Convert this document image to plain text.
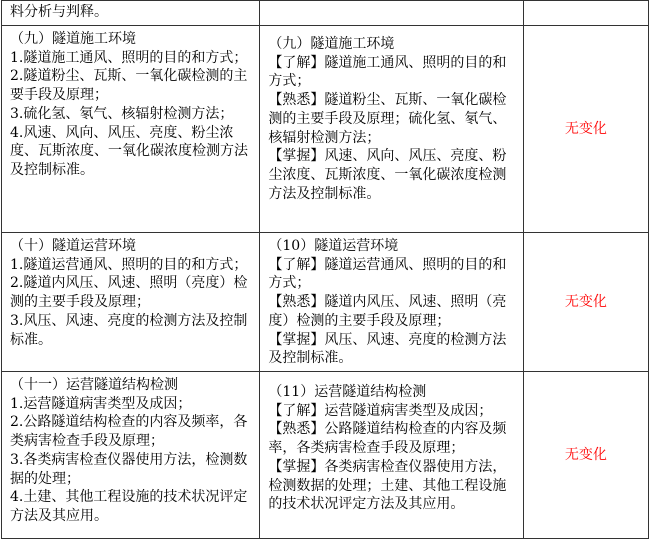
料分析与判释。		

（九）隧道施工环境
1.隧道施工通风、照明的目的和方式；
2.隧道粉尘、瓦斯、一氧化碳检测的主要手段及原理；
3.硫化氢、氡气、核辐射检测方法；
4.风速、风向、风压、亮度、粉尘浓度、瓦斯浓度、一氧化碳浓度检测方法及控制标准。	（九）隧道施工环境
【了解】隧道施工通风、照明的目的和方式；
【熟悉】隧道粉尘、瓦斯、一氧化碳检测的主要手段及原理；硫化氢、氡气、核辐射检测方法；
【掌握】风速、风向、风压、亮度、粉尘浓度、瓦斯浓度、一氧化碳浓度检测方法及控制标准。	无变化

（十）隧道运营环境
1.隧道运营通风、照明的目的和方式；
2.隧道内风压、风速、照明（亮度）检测的主要手段及原理；
3.风压、风速、亮度的检测方法及控制标准。	（10）隧道运营环境
【了解】隧道运营通风、照明的目的和方式；
【熟悉】隧道内风压、风速、照明（亮度）检测的主要手段及原理；
【掌握】风压、风速、亮度的检测方法及控制标准。	无变化

（十一）运营隧道结构检测
1.运营隧道病害类型及成因；
2.公路隧道结构检查的内容及频率，各类病害检查手段及原理；
3.各类病害检查仪器使用方法，检测数据的处理；
4.土建、其他工程设施的技术状况评定方法及其应用。	（11）运营隧道结构检测
【了解】运营隧道病害类型及成因；
【熟悉】公路隧道结构检查的内容及频率，各类病害检查手段及原理；
【掌握】各类病害检查仪器使用方法，检测数据的处理；土建、其他工程设施的技术状况评定方法及其应用。	无变化
